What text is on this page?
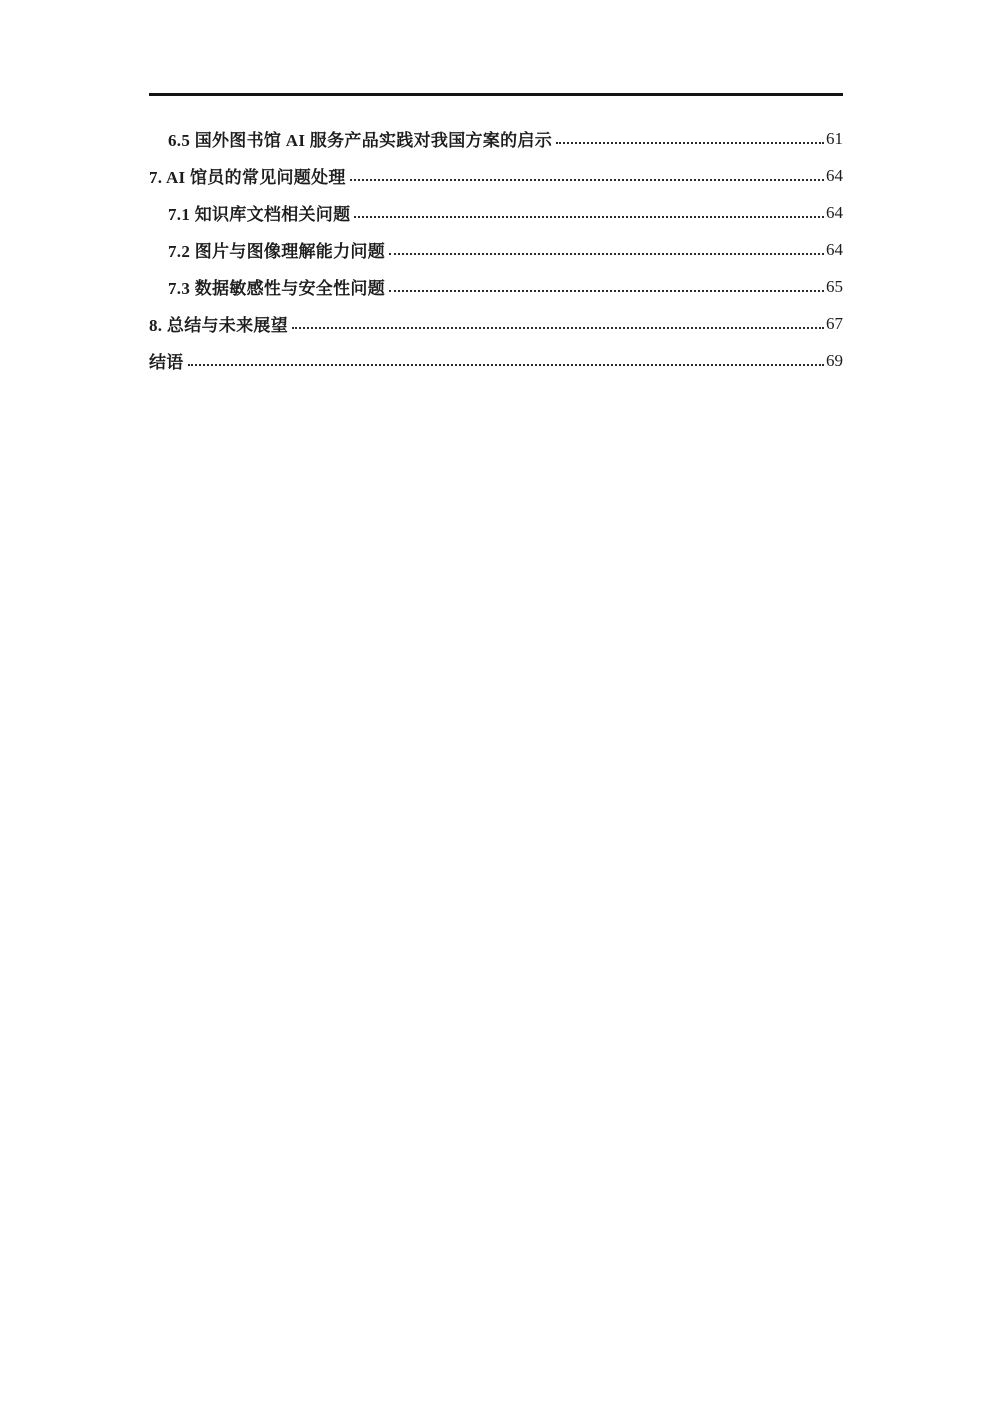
6.5 国外图书馆 AI 服务产品实践对我国方案的启示	61
7. AI 馆员的常见问题处理	64
7.1 知识库文档相关问题	64
7.2 图片与图像理解能力问题	64
7.3 数据敏感性与安全性问题	65
8. 总结与未来展望	67
结语	69
